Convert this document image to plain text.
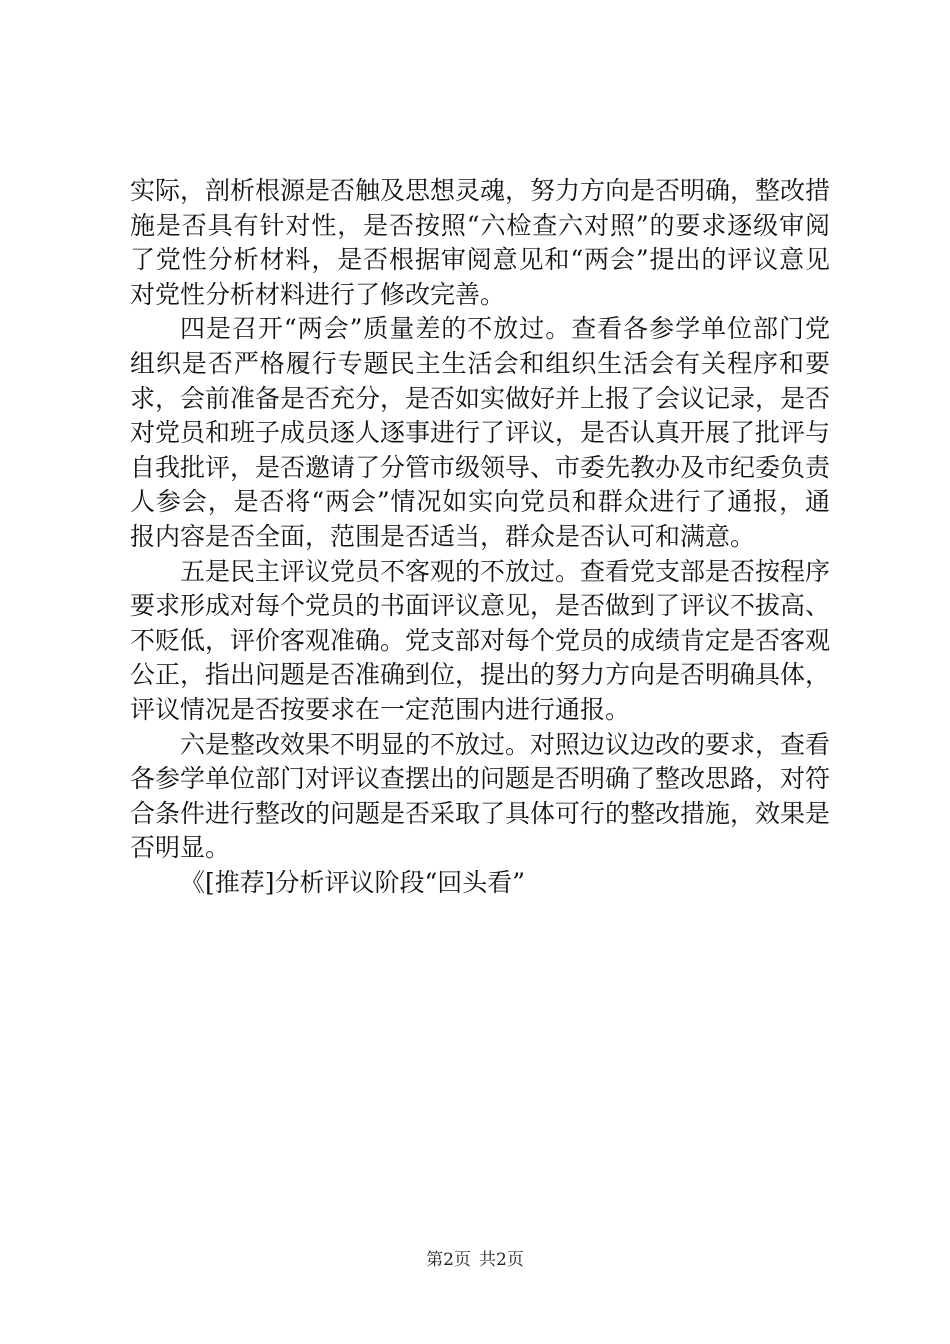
实际，剖析根源是否触及思想灵魂，努力方向是否明确，整改措施是否具有针对性，是否按照“六检查六对照”的要求逐级审阅了党性分析材料，是否根据审阅意见和“两会”提出的评议意见对党性分析材料进行了修改完善。

四是召开“两会”质量差的不放过。查看各参学单位部门党组织是否严格履行专题民主生活会和组织生活会有关程序和要求，会前准备是否充分，是否如实做好并上报了会议记录，是否对党员和班子成员逐人逐事进行了评议，是否认真开展了批评与自我批评，是否邀请了分管市级领导、市委先教办及市纪委负责人参会，是否将“两会”情况如实向党员和群众进行了通报，通报内容是否全面，范围是否适当，群众是否认可和满意。

五是民主评议党员不客观的不放过。查看党支部是否按程序要求形成对每个党员的书面评议意见，是否做到了评议不拔高、不贬低，评价客观准确。党支部对每个党员的成绩肯定是否客观公正，指出问题是否准确到位，提出的努力方向是否明确具体，评议情况是否按要求在一定范围内进行通报。

六是整改效果不明显的不放过。对照边议边改的要求，查看各参学单位部门对评议查摆出的问题是否明确了整改思路，对符合条件进行整改的问题是否采取了具体可行的整改措施，效果是否明显。

《[推荐]分析评议阶段“回头看”

第2页 共2页
